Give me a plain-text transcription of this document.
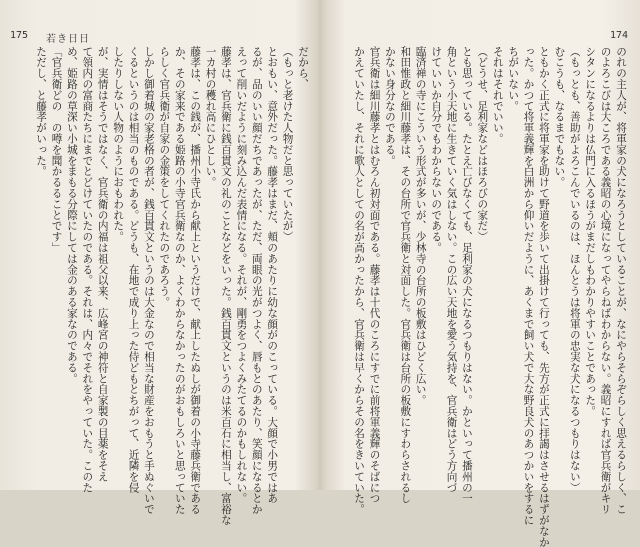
175 若き日日
だから、
（もっと老けた人物だと思っていたが）
とおもい、意外だった。藤孝はまだ、頬のあたりに幼な顔がのこっている。大顔で小男ではあ
るが、品のいい顔だちであったが、ただ、両眼の光がつよく、唇もとのあたり、笑顔になるとか
えって削いだように刻み込んだ表情になる。それが、剛勇をつよくみたてるのかもしれない。
藤孝は、官兵衛に銭百貫文の礼のことなどをいった。銭百貫文というのは米百石に相当し、富裕な
一カ村の穫れ高にひとしい。
藤孝は、この銭が、播州小寺氏から献上というだけで、献上したぬしが御着の小寺藤兵衛である
か、その家来である姫路の小寺官兵衛なのか、よくわからなかったのがおもしろいと思っていた
らしく官兵衛が自家の金策をしてくれたのであろう。
しかし御着城の家老格の者が、銭百貫文というのは大金なので相当な財産をおもうと手ぬぐいで
くるというのは相当のものである。どうも、在地で成り上った侍どもとちがって、近隣を侵
したりしない人物のようにおもわれた。
が、実情はそうではなく、官兵衛の内福は祖父以来、広峰宮の神符と自家製の目薬をそえ
て領内の富商たちにまでとどけていたのである。それは、内々でそれをやっていた。このた
め、姫路の草深い小城をまもる分際にしては金のある家なのである。
「官兵衛どの　の噂を聞かるることです」
ただし、と藤孝がいった。
174
のれの主人が、将軍家の犬になろうとしていることが、なにやらそらぞらしく思えるらしく、こ
のよろこびは大ころである義昭の心境になってやらねばわからない。義昭にすれば官兵衛がキリ
シタンになるよりは仏門に入るほうがまだしもわかりやすいことであった。
（もっとも、善助がよろこんでいるのは、ほんとうは将軍の忠実な犬になるつもりはない）
むこうも、なるまでもない。
ともかく正式に将軍家を助けて野道を歩いて出掛けて行っても、先方が正式に拝謁はさせるはずがなか
った。かつて将軍義輝を白洲から仰いだように、あくまで飼い犬で大な野良犬のあつかいをするに
ちがいない。
それはそれでいい。
（どうせ、足利家などはほろびの家だ）
とも思っている。たとえ亡びなくても、足利家の犬になるつもりはない。かといって播州の一
角という小天地に生きていく気はしない。この広い天地を愛う気持を、官兵衛はどう方向づ
けていいか自分でもわからないのである。
臨済禅の寺にこういう形式が多いが、少林寺の台所の板敷はひどく広い。
和田惟政と細川藤孝は、その台所で官兵衛と対面した。官兵衛は台所の板敷にすわらされるし
かない身分なのである。
官兵衛は細川藤孝とはむろん初対面である。藤孝は十代のころにすでに前将軍義輝のそばにつ
かえていたし、それに歌人としての名が高かったから、官兵衛は早くからその名をきいていた。
